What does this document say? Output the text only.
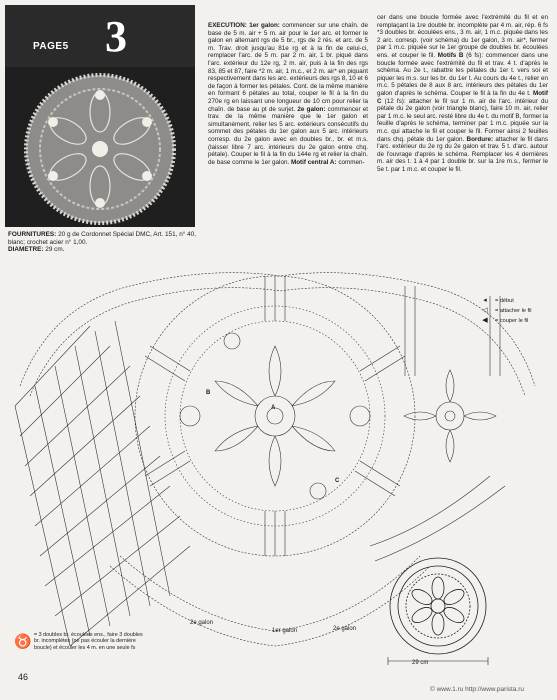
PAGE5 3
FOURNITURES: 20 g de Cordonnet Spécial DMC, Art. 151, n° 40, blanc; crochet acier n° 1,00.
DIAMETRE: 29 cm.
EXECUTION: 1er galon: commencer sur une chaîn. de base de 5 m. air + 5 m. air pour le 1er arc. et former le galon en alternant rgs de 5 br., rgs de 2 rés. et arc. de 5 m. Trav. droit jusqu'au 81e rg et à la fin de celui-ci, remplacer l'arc. de 5 m. par 2 m. air, 1 br. piqué dans l'arc. extérieur du 12e rg, 2 m. air, puis à la fin des rgs 83, 85 et 87, faire *2 m. air, 1 m.c., et 2 m. air* en piquant respectivement dans les arc. extérieurs des rgs 8, 10 et 6 de façon à former les pétales. Cont. de la même manière en formant 6 pétales au total, couper le fil à la fin du 270e rg en laissant une longueur de 10 cm pour relier la chaîn. de base au pt de surjet. 2e galon: commencer et trav. de la même manière que le 1er galon et simultanément, relier les 5 arc. extérieurs consécutifs du sommet des pétales du 1er galon aux 5 arc. intérieurs corresp. du 2e galon avec en doubles br., br. et m.s. (laisser libre 7 arc. intérieurs du 2e galon entre chq. pétale). Couper le fil à la fin du 144e rg et relier la chaîn. de base comme le 1er galon. Motif central A: commen-
cer dans une boucle formée avec l'extrémité du fil et en remplaçant la 1re double br. incomplète par 4 m. air, rép. 6 fs *3 doubles br. écoulées ens., 3 m. air, 1 m.c. piquée dans les 2 arc. corresp. (voir schéma) du 1er galon, 3 m. air*, fermer par 1 m.c. piquée sur le 1er groupe de doubles br. écoulées ens. et couper le fil. Motifs B (6 fs): commencer dans une boucle formée avec l'extrémité du fil et trav. 4 t. d'après le schéma. Au 2e t., rabattre les pétales du 1er t. vers soi et piquer les m.s. sur les br. du 1er t. Au cours du 4e t., relier en m.c. 5 pétales de 8 aux 8 arc. intérieurs des pétales du 1er galon d'après le schéma. Couper le fil à la fin du 4e t. Motif C (12 fs): attacher le fil sur 1 m. air de l'arc. intérieur du pétale du 2e galon (voir triangle blanc), faire 10 m. air, relier par 1 m.c. le seul arc. resté libre du 4e t. du motif B, former la feuille d'après le schéma, terminer par 1 m.c. piquée sur la m.c. qui attache le fil et couper le fil. Former ainsi 2 feuilles dans chq. pétale du 1er galon. Bordure: attacher le fil dans l'arc. extérieur du 2e rg du 2e galon et trav. 5 t. d'arc. autour de l'ouvrage d'après le schéma. Remplacer les 4 dernières m. air des t. 1 à 4 par 1 double br. sur la 1re m.s., fermer le 5e t. par 1 m.c. et couper le fil.
2e galon
1er galon	2e galon
A
B
C
29 cm
◂	= début
◁	= attacher le fil
◀	= couper le fil
♉ = 3 doubles br. écoulées ens., faire 3 doubles br. incomplètes (ne pas écouler la dernière boucle) et écouler les 4 m. en une seule fs
46
© www.1.ru http://www.parista.ru
